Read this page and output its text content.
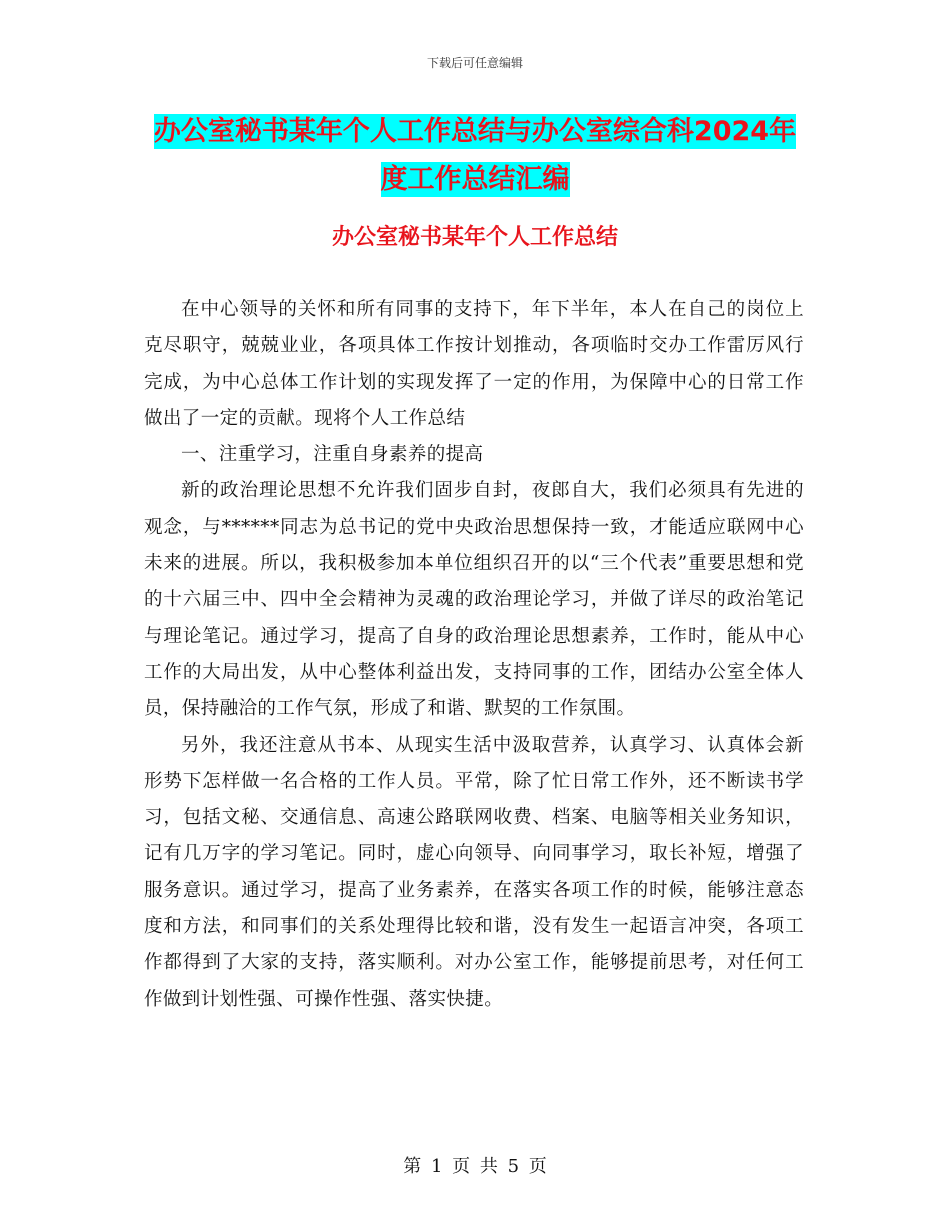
下载后可任意编辑
办公室秘书某年个人工作总结与办公室综合科2024年
度工作总结汇编
办公室秘书某年个人工作总结

在中心领导的关怀和所有同事的支持下，年下半年，本人在自己的岗位上克尽职守，兢兢业业，各项具体工作按计划推动，各项临时交办工作雷厉风行完成，为中心总体工作计划的实现发挥了一定的作用，为保障中心的日常工作做出了一定的贡献。现将个人工作总结

一、注重学习，注重自身素养的提高

新的政治理论思想不允许我们固步自封，夜郎自大，我们必须具有先进的观念，与******同志为总书记的党中央政治思想保持一致，才能适应联网中心未来的进展。所以，我积极参加本单位组织召开的以“三个代表”重要思想和党的十六届三中、四中全会精神为灵魂的政治理论学习，并做了详尽的政治笔记与理论笔记。通过学习，提高了自身的政治理论思想素养，工作时，能从中心工作的大局出发，从中心整体利益出发，支持同事的工作，团结办公室全体人员，保持融洽的工作气氛，形成了和谐、默契的工作氛围。

另外，我还注意从书本、从现实生活中汲取营养，认真学习、认真体会新形势下怎样做一名合格的工作人员。平常，除了忙日常工作外，还不断读书学习，包括文秘、交通信息、高速公路联网收费、档案、电脑等相关业务知识，记有几万字的学习笔记。同时，虚心向领导、向同事学习，取长补短，增强了服务意识。通过学习，提高了业务素养，在落实各项工作的时候，能够注意态度和方法，和同事们的关系处理得比较和谐，没有发生一起语言冲突，各项工作都得到了大家的支持，落实顺利。对办公室工作，能够提前思考，对任何工作做到计划性强、可操作性强、落实快捷。

第 1 页 共 5 页
